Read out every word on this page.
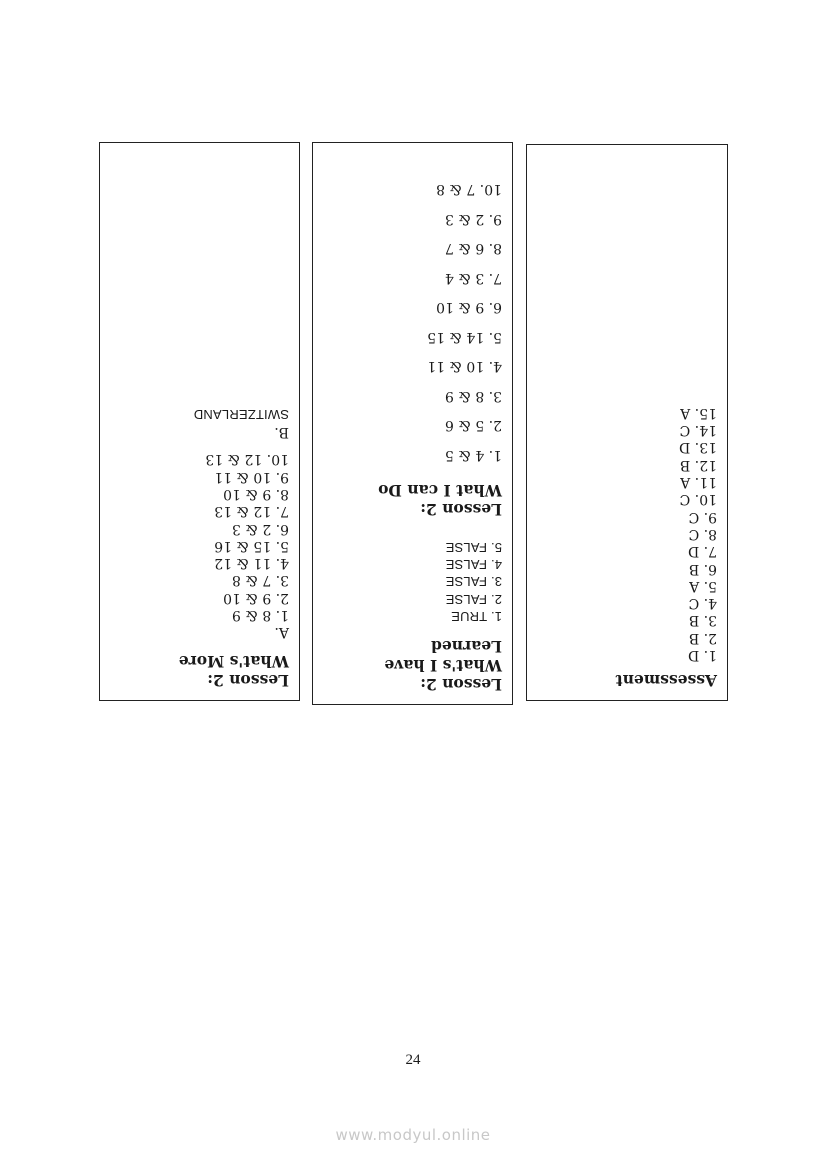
Lesson 2:
What's More
A.
1. 8 & 9
2. 9 & 10
3. 7 & 8
4. 11 & 12
5. 15 & 16
6. 2 & 3
7. 12 & 13
8. 9 & 10
9. 10 & 11
10. 12 & 13
B.
SWITZERLAND
Lesson 2:
What's I have
Learned
1. TRUE
2. FALSE
3. FALSE
4. FALSE
5. FALSE
Lesson 2:
What I can Do
1. 4 & 5
2. 5 & 6
3. 8 & 9
4. 10 & 11
5. 14 & 15
6. 9 & 10
7. 3 & 4
8. 6 & 7
9. 2 & 3
10. 7 & 8
Assessment
1. D
2. B
3. B
4. C
5. A
6. B
7. D
8. C
9. C
10. C
11. A
12. B
13. D
14. C
15. A
24
www.modyul.online
